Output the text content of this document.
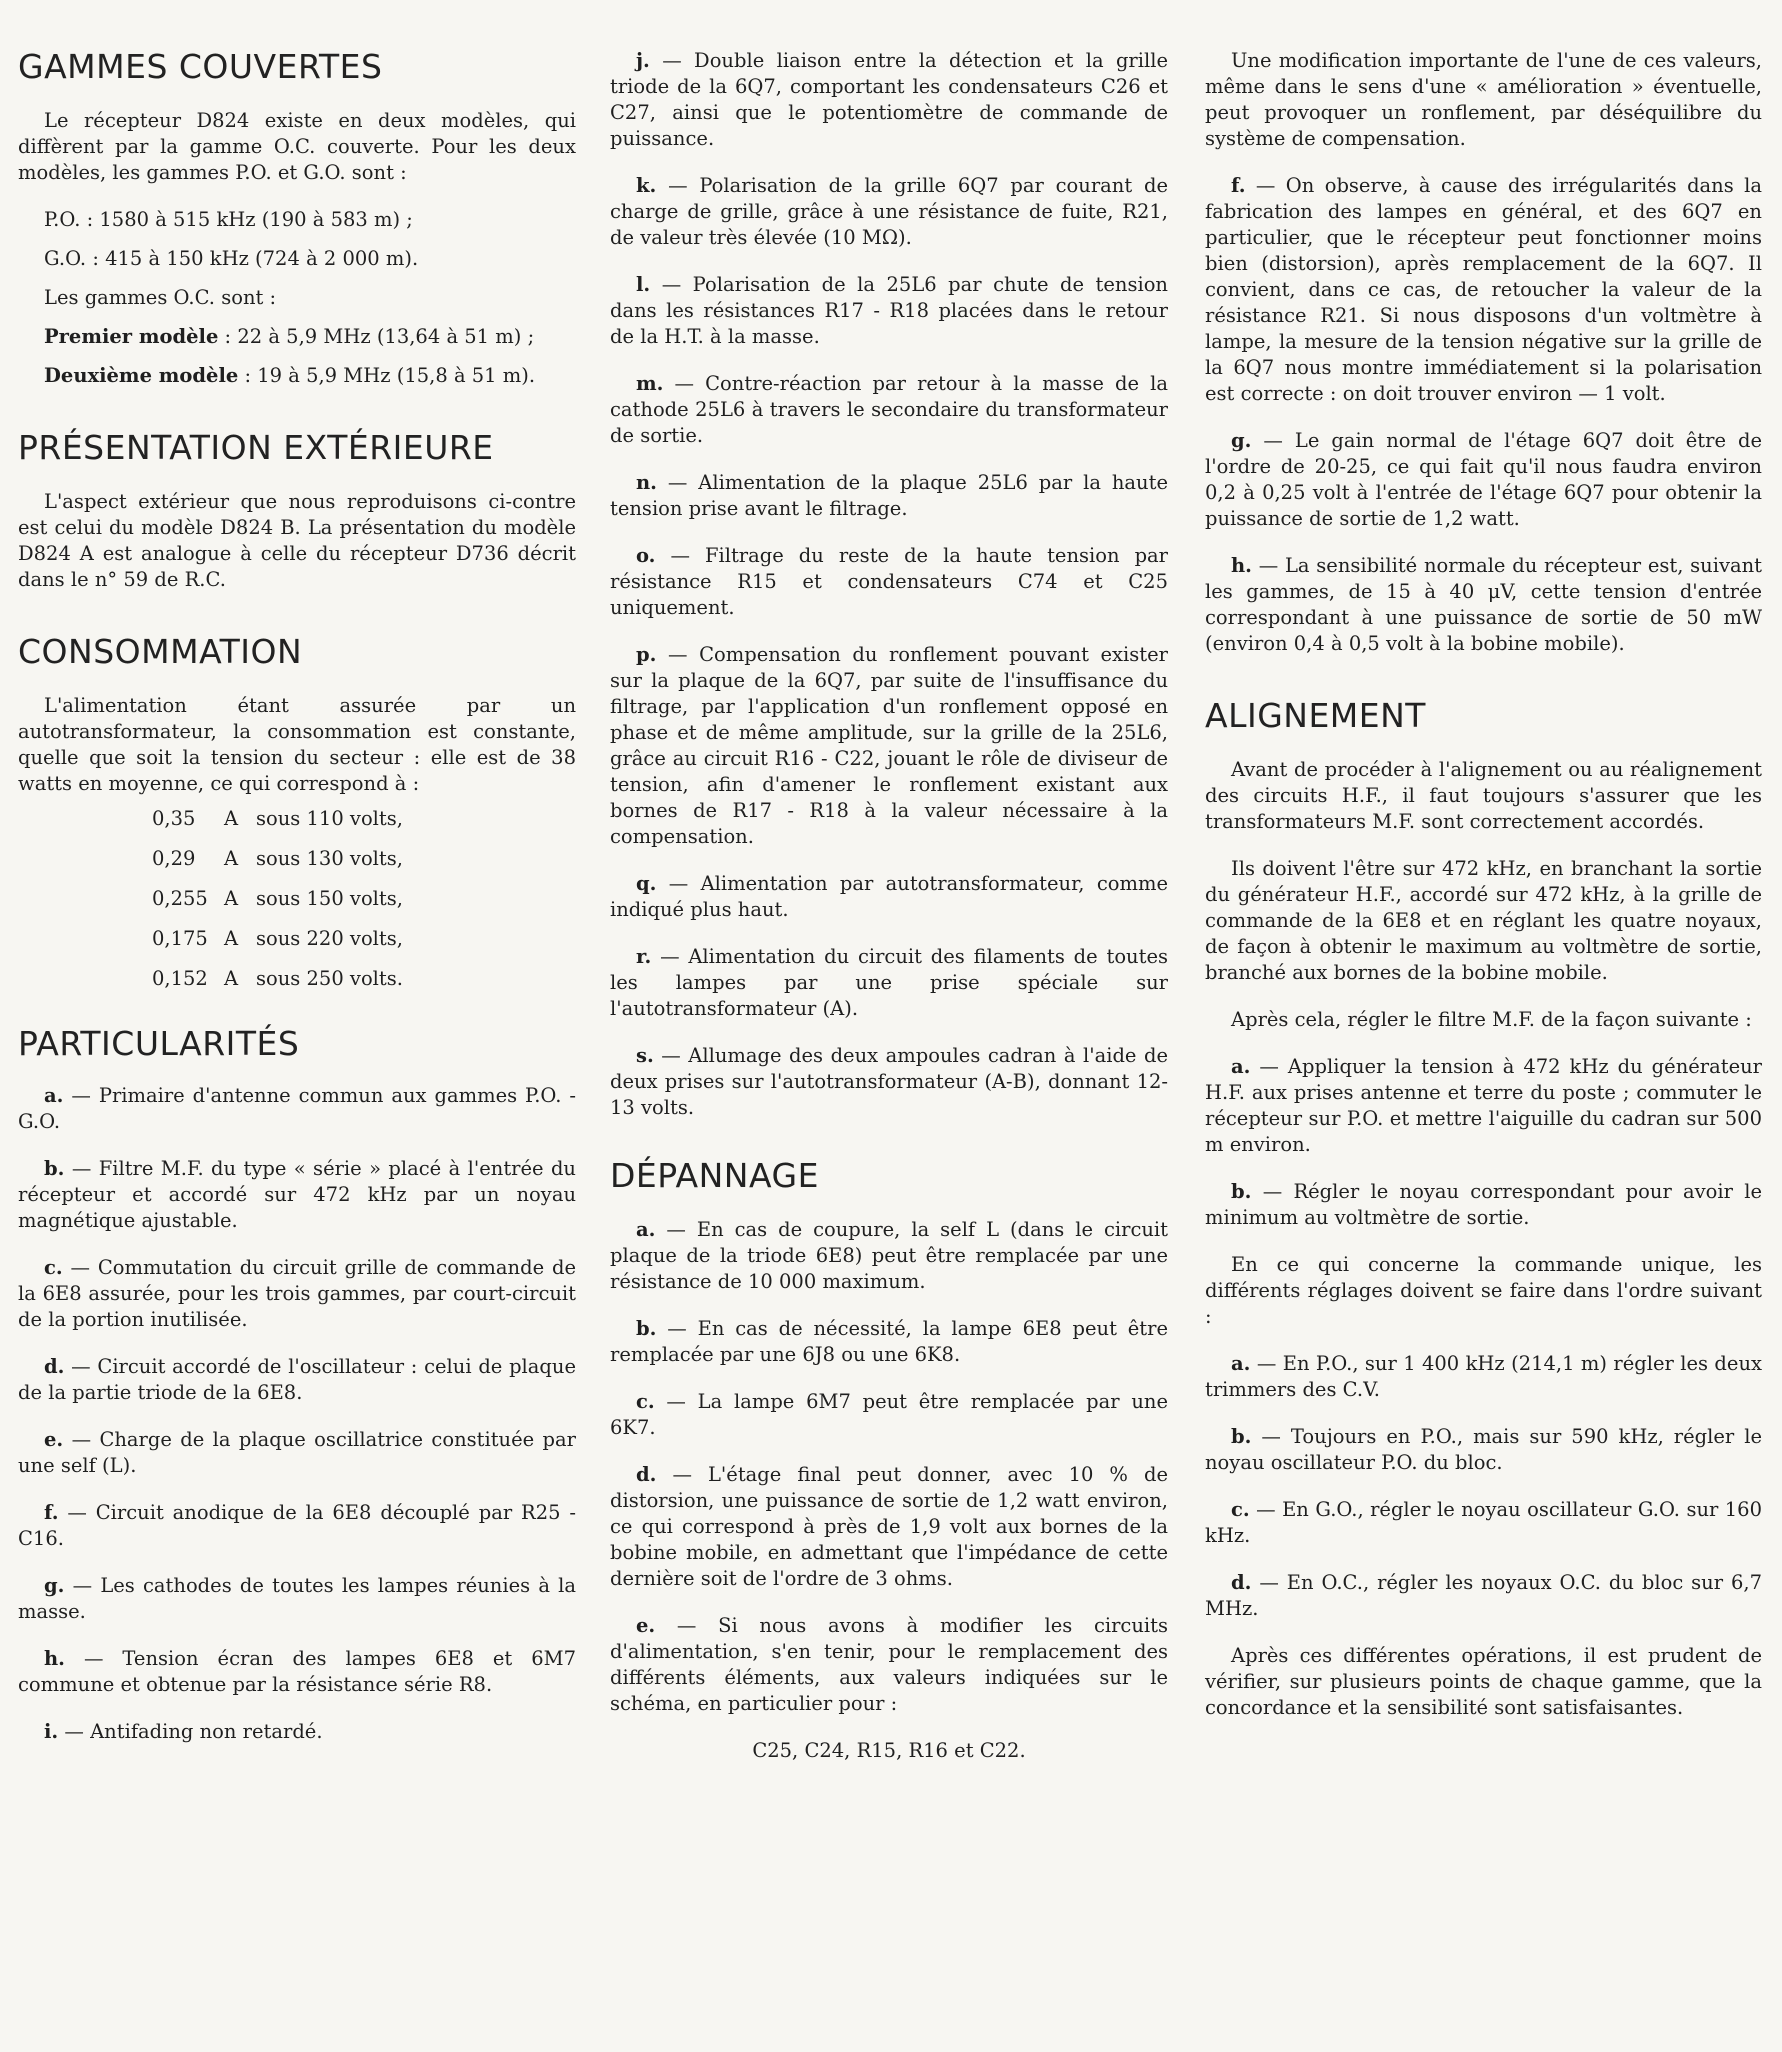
GAMMES COUVERTES

Le récepteur D824 existe en deux modèles, qui diffèrent par la gamme O.C. couverte. Pour les deux modèles, les gammes P.O. et G.O. sont :

P.O. : 1580 à 515 kHz (190 à 583 m) ;

G.O. : 415 à 150 kHz (724 à 2 000 m).

Les gammes O.C. sont :

Premier modèle : 22 à 5,9 MHz (13,64 à 51 m) ;

Deuxième modèle : 19 à 5,9 MHz (15,8 à 51 m).

PRÉSENTATION EXTÉRIEURE

L'aspect extérieur que nous reproduisons ci-contre est celui du modèle D824 B. La présentation du modèle D824 A est analogue à celle du récepteur D736 décrit dans le n° 59 de R.C.

CONSOMMATION

L'alimentation étant assurée par un autotransformateur, la consommation est constante, quelle que soit la tension du secteur : elle est de 38 watts en moyenne, ce qui correspond à :

0,35	A sous 110 volts,
0,29	A sous 130 volts,
0,255 A sous 150 volts,
0,175 A sous 220 volts,
0,152 A sous 250 volts.
PARTICULARITÉS

a. — Primaire d'antenne commun aux gammes P.O. - G.O.

b. — Filtre M.F. du type « série » placé à l'entrée du récepteur et accordé sur 472 kHz par un noyau magnétique ajustable.

c. — Commutation du circuit grille de commande de la 6E8 assurée, pour les trois gammes, par court-circuit de la portion inutilisée.

d. — Circuit accordé de l'oscillateur : celui de plaque de la partie triode de la 6E8.

e. — Charge de la plaque oscillatrice constituée par une self (L).

f. — Circuit anodique de la 6E8 découplé par R25 - C16.

g. — Les cathodes de toutes les lampes réunies à la masse.

h. — Tension écran des lampes 6E8 et 6M7 commune et obtenue par la résistance série R8.

i. — Antifading non retardé.

j. — Double liaison entre la détection et la grille triode de la 6Q7, comportant les condensateurs C26 et C27, ainsi que le potentiomètre de commande de puissance.

k. — Polarisation de la grille 6Q7 par courant de charge de grille, grâce à une résistance de fuite, R21, de valeur très élevée (10 MΩ).

l. — Polarisation de la 25L6 par chute de tension dans les résistances R17 - R18 placées dans le retour de la H.T. à la masse.

m. — Contre-réaction par retour à la masse de la cathode 25L6 à travers le secondaire du transformateur de sortie.

n. — Alimentation de la plaque 25L6 par la haute tension prise avant le filtrage.

o. — Filtrage du reste de la haute tension par résistance R15 et condensateurs C74 et C25 uniquement.

p. — Compensation du ronflement pouvant exister sur la plaque de la 6Q7, par suite de l'insuffisance du filtrage, par l'application d'un ronflement opposé en phase et de même amplitude, sur la grille de la 25L6, grâce au circuit R16 - C22, jouant le rôle de diviseur de tension, afin d'amener le ronflement existant aux bornes de R17 - R18 à la valeur nécessaire à la compensation.

q. — Alimentation par autotransformateur, comme indiqué plus haut.

r. — Alimentation du circuit des filaments de toutes les lampes par une prise spéciale sur l'autotransformateur (A).

s. — Allumage des deux ampoules cadran à l'aide de deux prises sur l'autotransformateur (A-B), donnant 12-13 volts.

DÉPANNAGE

a. — En cas de coupure, la self L (dans le circuit plaque de la triode 6E8) peut être remplacée par une résistance de 10 000 maximum.

b. — En cas de nécessité, la lampe 6E8 peut être remplacée par une 6J8 ou une 6K8.

c. — La lampe 6M7 peut être remplacée par une 6K7.

d. — L'étage final peut donner, avec 10 % de distorsion, une puissance de sortie de 1,2 watt environ, ce qui correspond à près de 1,9 volt aux bornes de la bobine mobile, en admettant que l'impédance de cette dernière soit de l'ordre de 3 ohms.

e. — Si nous avons à modifier les circuits d'alimentation, s'en tenir, pour le remplacement des différents éléments, aux valeurs indiquées sur le schéma, en particulier pour :

C25, C24, R15, R16 et C22.

Une modification importante de l'une de ces valeurs, même dans le sens d'une « amélioration » éventuelle, peut provoquer un ronflement, par déséquilibre du système de compensation.

f. — On observe, à cause des irrégularités dans la fabrication des lampes en général, et des 6Q7 en particulier, que le récepteur peut fonctionner moins bien (distorsion), après remplacement de la 6Q7. Il convient, dans ce cas, de retoucher la valeur de la résistance R21. Si nous disposons d'un voltmètre à lampe, la mesure de la tension négative sur la grille de la 6Q7 nous montre immédiatement si la polarisation est correcte : on doit trouver environ — 1 volt.

g. — Le gain normal de l'étage 6Q7 doit être de l'ordre de 20-25, ce qui fait qu'il nous faudra environ 0,2 à 0,25 volt à l'entrée de l'étage 6Q7 pour obtenir la puissance de sortie de 1,2 watt.

h. — La sensibilité normale du récepteur est, suivant les gammes, de 15 à 40 μV, cette tension d'entrée correspondant à une puissance de sortie de 50 mW (environ 0,4 à 0,5 volt à la bobine mobile).

ALIGNEMENT

Avant de procéder à l'alignement ou au réalignement des circuits H.F., il faut toujours s'assurer que les transformateurs M.F. sont correctement accordés.

Ils doivent l'être sur 472 kHz, en branchant la sortie du générateur H.F., accordé sur 472 kHz, à la grille de commande de la 6E8 et en réglant les quatre noyaux, de façon à obtenir le maximum au voltmètre de sortie, branché aux bornes de la bobine mobile.

Après cela, régler le filtre M.F. de la façon suivante :

a. — Appliquer la tension à 472 kHz du générateur H.F. aux prises antenne et terre du poste ; commuter le récepteur sur P.O. et mettre l'aiguille du cadran sur 500 m environ.

b. — Régler le noyau correspondant pour avoir le minimum au voltmètre de sortie.

En ce qui concerne la commande unique, les différents réglages doivent se faire dans l'ordre suivant :

a. — En P.O., sur 1 400 kHz (214,1 m) régler les deux trimmers des C.V.

b. — Toujours en P.O., mais sur 590 kHz, régler le noyau oscillateur P.O. du bloc.

c. — En G.O., régler le noyau oscillateur G.O. sur 160 kHz.

d. — En O.C., régler les noyaux O.C. du bloc sur 6,7 MHz.

Après ces différentes opérations, il est prudent de vérifier, sur plusieurs points de chaque gamme, que la concordance et la sensibilité sont satisfaisantes.
